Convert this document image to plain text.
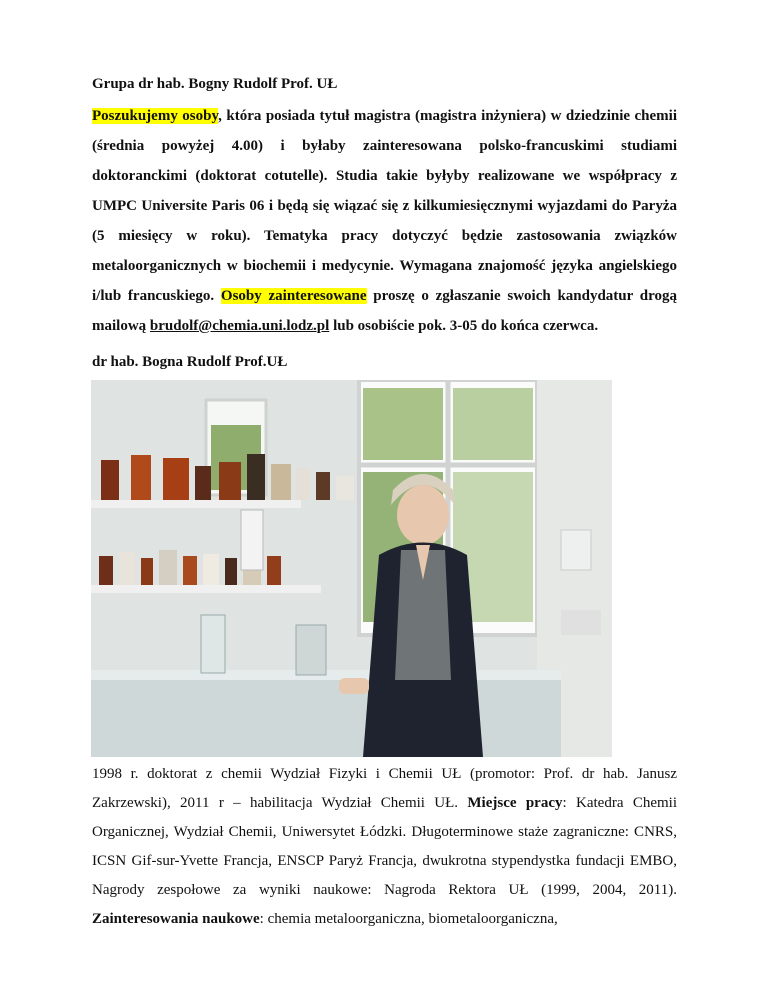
Grupa dr hab. Bogny Rudolf Prof. UŁ

Poszukujemy osoby, która posiada tytuł magistra (magistra inżyniera) w dziedzinie chemii (średnia powyżej 4.00) i byłaby zainteresowana polsko-francuskimi studiami doktoranckimi (doktorat cotutelle). Studia takie byłyby realizowane we współpracy z UMPC Universite Paris 06 i będą się wiązać się z kilkumiesięcznymi wyjazdami do Paryża (5 miesięcy w roku). Tematyka pracy dotyczyć będzie zastosowania związków metaloorganicznych w biochemii i medycynie. Wymagana znajomość języka angielskiego i/lub francuskiego. Osoby zainteresowane proszę o zgłaszanie swoich kandydatur drogą mailową brudolf@chemia.uni.lodz.pl lub osobiście pok. 3-05 do końca czerwca.

dr hab. Bogna Rudolf Prof.UŁ

1998 r. doktorat z chemii Wydział Fizyki i Chemii UŁ (promotor: Prof. dr hab. Janusz Zakrzewski), 2011 r – habilitacja Wydział Chemii UŁ. Miejsce pracy: Katedra Chemii Organicznej, Wydział Chemii, Uniwersytet Łódzki. Długoterminowe staże zagraniczne: CNRS, ICSN Gif-sur-Yvette Francja, ENSCP Paryż Francja, dwukrotna stypendystka fundacji EMBO, Nagrody zespołowe za wyniki naukowe: Nagroda Rektora UŁ (1999, 2004, 2011). Zainteresowania naukowe: chemia metaloorganiczna, biometaloorganiczna,
